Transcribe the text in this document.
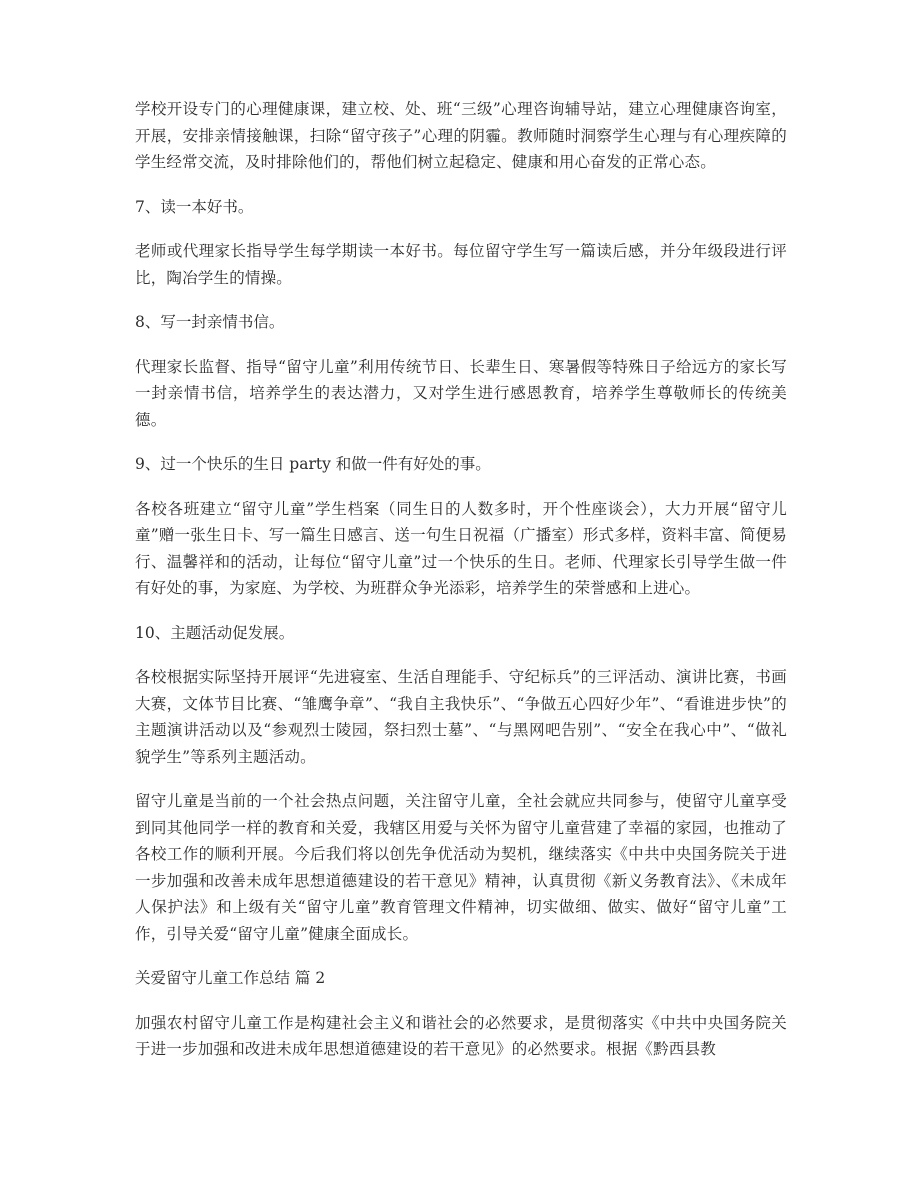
学校开设专门的心理健康课，建立校、处、班“三级”心理咨询辅导站，建立心理健康咨询室，开展，安排亲情接触课，扫除“留守孩子”心理的阴霾。教师随时洞察学生心理与有心理疾障的学生经常交流，及时排除他们的，帮他们树立起稳定、健康和用心奋发的正常心态。

7、读一本好书。

老师或代理家长指导学生每学期读一本好书。每位留守学生写一篇读后感，并分年级段进行评比，陶冶学生的情操。

8、写一封亲情书信。

代理家长监督、指导“留守儿童”利用传统节日、长辈生日、寒暑假等特殊日子给远方的家长写一封亲情书信，培养学生的表达潜力，又对学生进行感恩教育，培养学生尊敬师长的传统美德。

9、过一个快乐的生日 party 和做一件有好处的事。

各校各班建立“留守儿童”学生档案（同生日的人数多时，开个性座谈会），大力开展“留守儿童”赠一张生日卡、写一篇生日感言、送一句生日祝福（广播室）形式多样，资料丰富、简便易行、温馨祥和的活动，让每位“留守儿童”过一个快乐的生日。老师、代理家长引导学生做一件有好处的事，为家庭、为学校、为班群众争光添彩，培养学生的荣誉感和上进心。

10、主题活动促发展。

各校根据实际坚持开展评“先进寝室、生活自理能手、守纪标兵”的三评活动、演讲比赛，书画大赛，文体节目比赛、“雏鹰争章”、“我自主我快乐”、“争做五心四好少年”、“看谁进步快”的主题演讲活动以及“参观烈士陵园，祭扫烈士墓”、“与黑网吧告别”、“安全在我心中”、“做礼貌学生”等系列主题活动。

留守儿童是当前的一个社会热点问题，关注留守儿童，全社会就应共同参与，使留守儿童享受到同其他同学一样的教育和关爱，我辖区用爱与关怀为留守儿童营建了幸福的家园，也推动了各校工作的顺利开展。今后我们将以创先争优活动为契机，继续落实《中共中央国务院关于进一步加强和改善未成年思想道德建设的若干意见》精神，认真贯彻《新义务教育法》、《未成年人保护法》和上级有关“留守儿童”教育管理文件精神，切实做细、做实、做好“留守儿童”工作，引导关爱“留守儿童”健康全面成长。

关爱留守儿童工作总结 篇 2

加强农村留守儿童工作是构建社会主义和谐社会的必然要求，是贯彻落实《中共中央国务院关于进一步加强和改进未成年思想道德建设的若干意见》的必然要求。根据《黔西县教
